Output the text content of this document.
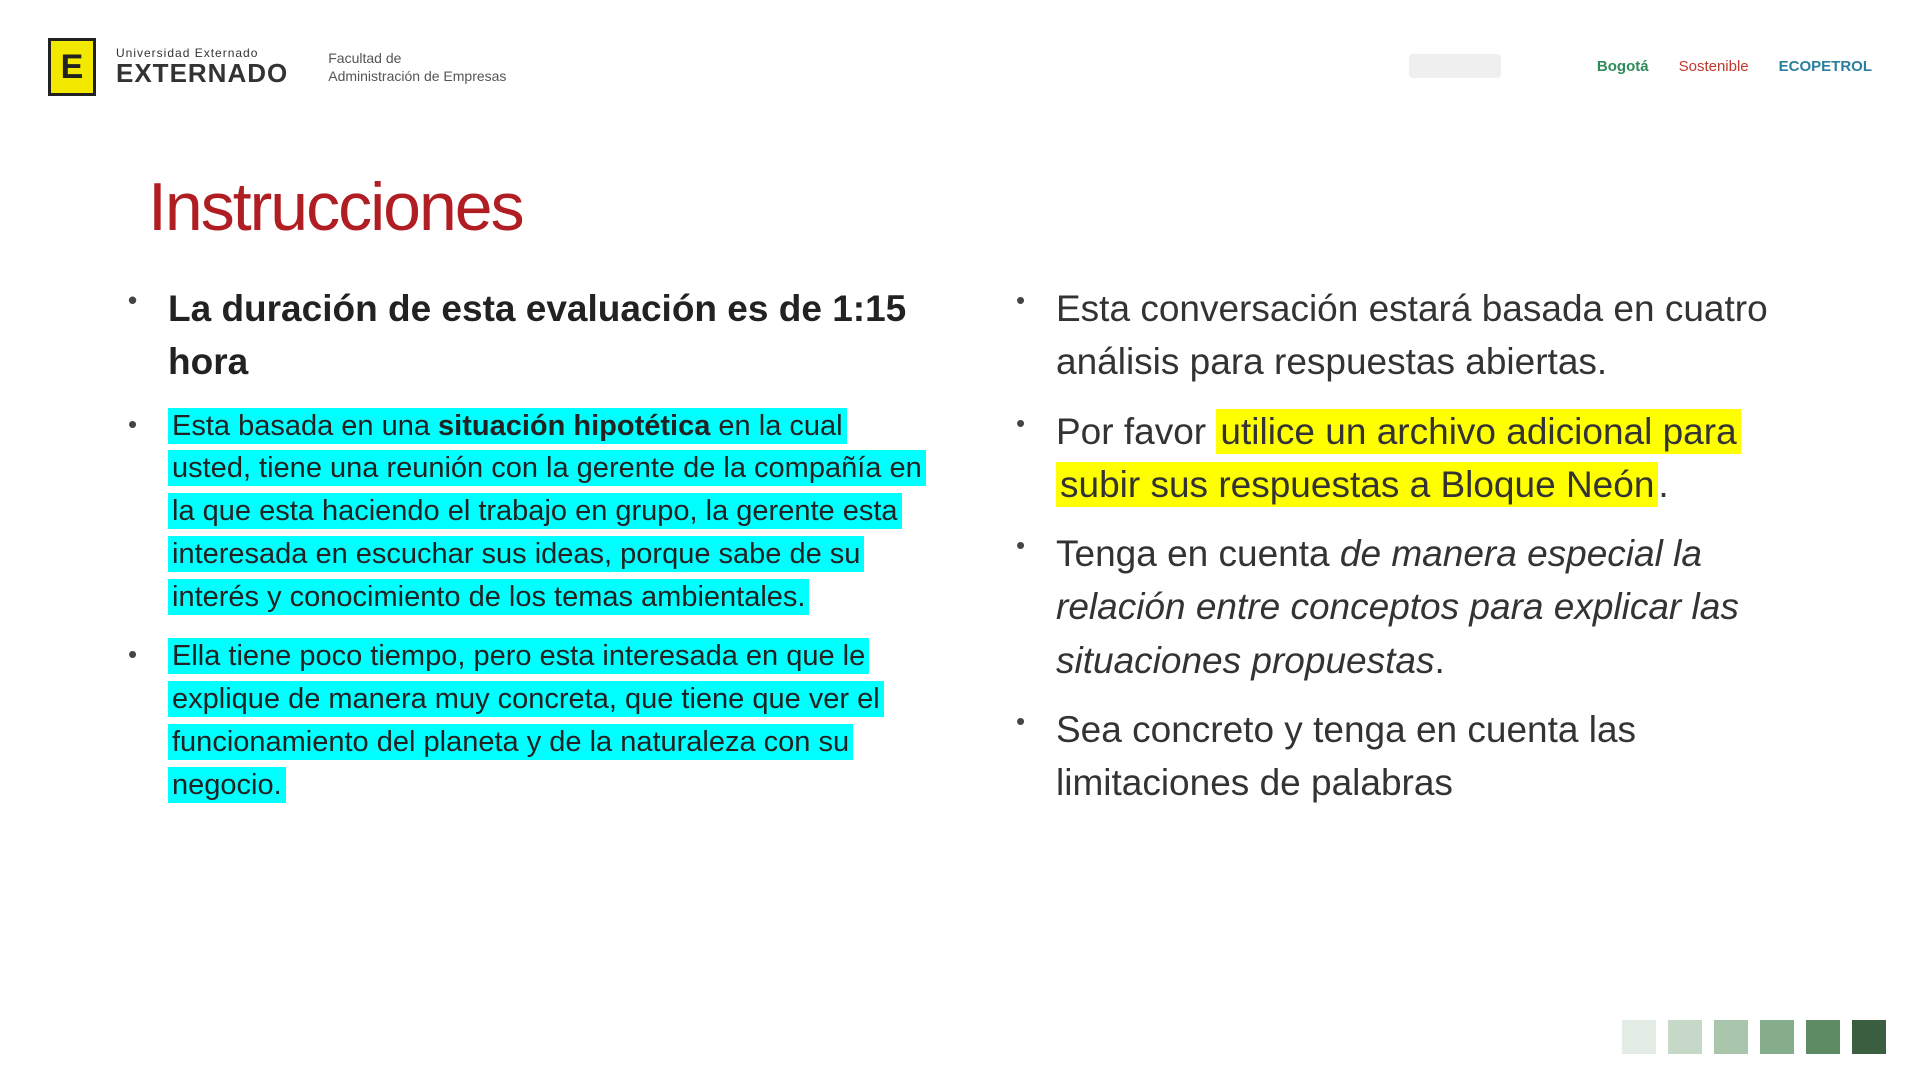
E	Universidad Externado
EXTERNADO	Facultad de
Administración de Empresas
Bogotá Sostenible ECOPETROL
Instrucciones
• La duración de esta evaluación es de 1:15 hora
• Esta basada en una situación hipotética en la cual usted, tiene una reunión con la gerente de la compañía en la que esta haciendo el trabajo en grupo, la gerente esta interesada en escuchar sus ideas, porque sabe de su interés y conocimiento de los temas ambientales.
• Ella tiene poco tiempo, pero esta interesada en que le explique de manera muy concreta, que tiene que ver el funcionamiento del planeta y de la naturaleza con su negocio.
• Esta conversación estará basada en cuatro análisis para respuestas abiertas.
• Por favor utilice un archivo adicional para subir sus respuestas a Bloque Neón .
• Tenga en cuenta de manera especial la relación entre conceptos para explicar las situaciones propuestas.
• Sea concreto y tenga en cuenta las limitaciones de palabras
